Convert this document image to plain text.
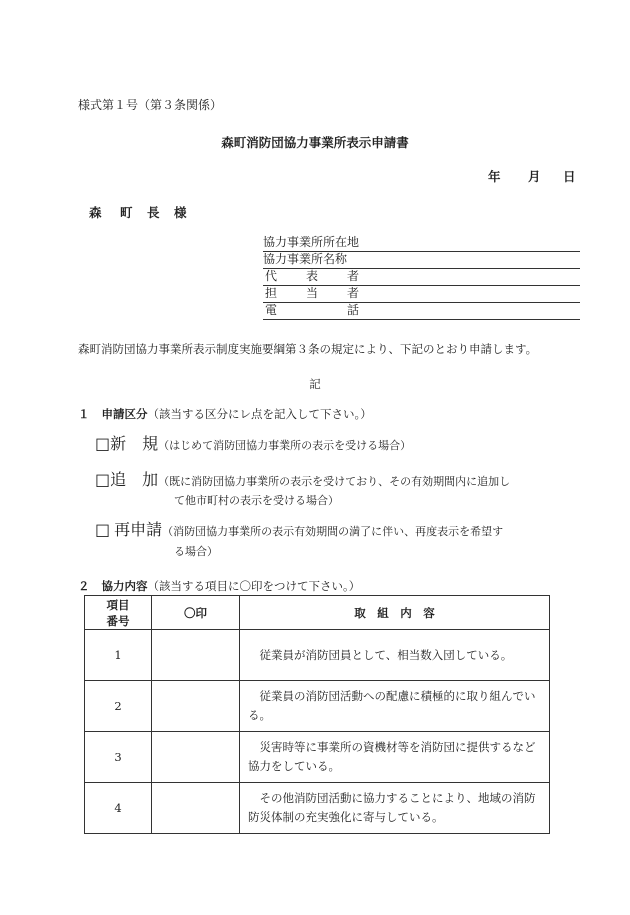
様式第１号（第３条関係）
森町消防団協力事業所表示申請書
年 月 日
森 町 長 様
協力事業所所在地
協力事業所名称
代 表 者
担 当 者
電	話
森町消防団協力事業所表示制度実施要綱第３条の規定により、下記のとおり申請します。
記
１ 申請区分（該当する区分にレ点を記入して下さい。）
□新 規（はじめて消防団協力事業所の表示を受ける場合）
□追 加（既に消防団協力事業所の表示を受けており、その有効期間内に追加し
て他市町村の表示を受ける場合）
□ 再申請（消防団協力事業所の表示有効期間の満了に伴い、再度表示を希望す
る場合）
２ 協力内容（該当する項目に〇印をつけて下さい。）
項目
番号	〇印	取　組　内　容
1		　従業員が消防団員として、相当数入団している。
2		　従業員の消防団活動への配慮に積極的に取り組んでいる。
3		　災害時等に事業所の資機材等を消防団に提供するなど協力をしている。
4		　その他消防団活動に協力することにより、地域の消防防災体制の充実強化に寄与している。
